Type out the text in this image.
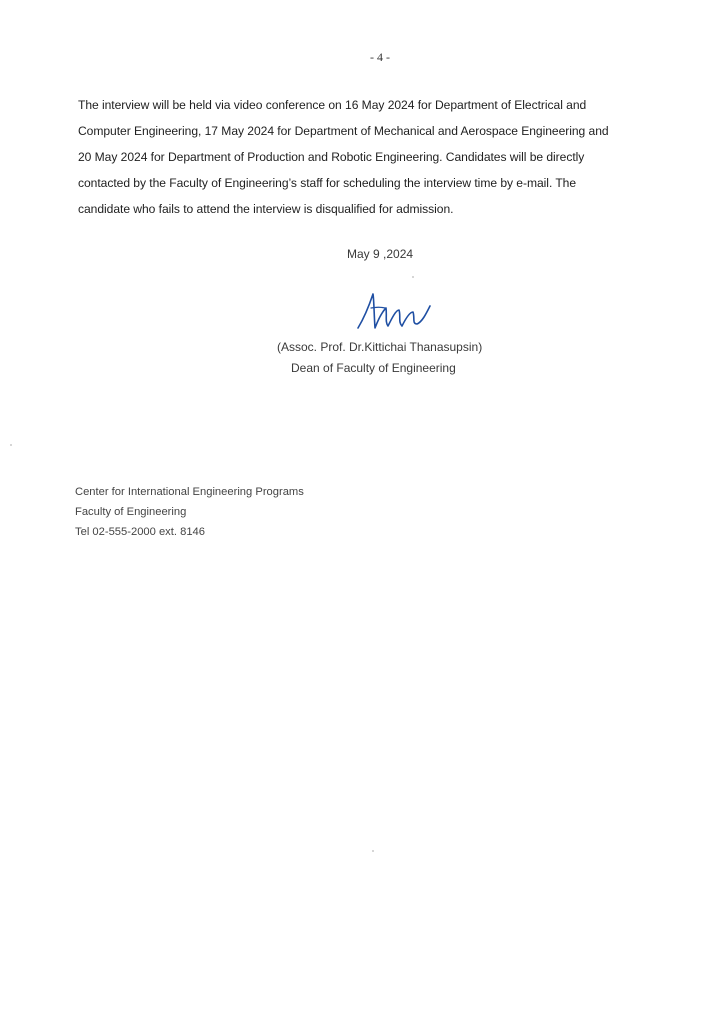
- 4 -
The interview will be held via video conference on 16 May 2024 for Department of Electrical and
Computer Engineering, 17 May 2024 for Department of Mechanical and Aerospace Engineering and
20 May 2024 for Department of Production and Robotic Engineering. Candidates will be directly
contacted by the Faculty of Engineering’s staff for scheduling the interview time by e-mail. The
candidate who fails to attend the interview is disqualified for admission.
May 9 ,2024
(Assoc. Prof. Dr.Kittichai Thanasupsin)
Dean of Faculty of Engineering
Center for International Engineering Programs
Faculty of Engineering
Tel 02-555-2000 ext. 8146
